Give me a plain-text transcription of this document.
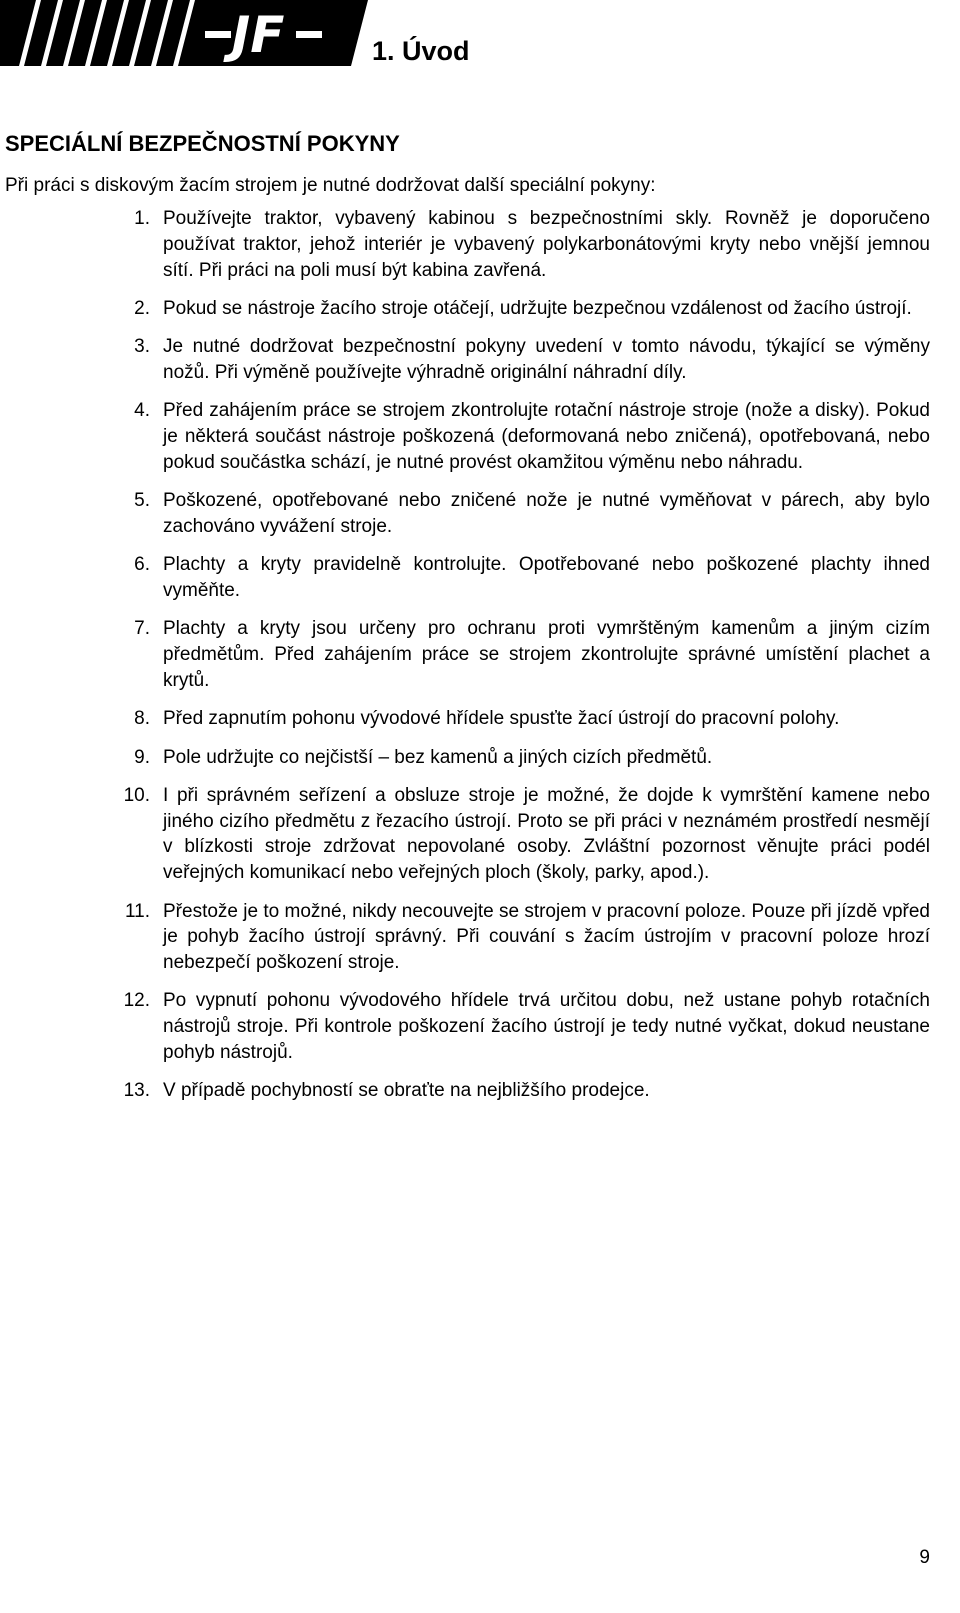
JF	1. Úvod
SPECIÁLNÍ BEZPEČNOSTNÍ POKYNY

Při práci s diskovým žacím strojem je nutné dodržovat další speciální pokyny:

1. Používejte traktor, vybavený kabinou s bezpečnostními skly. Rovněž je doporučeno používat traktor, jehož interiér je vybavený polykarbonátovými kryty nebo vnější jemnou sítí. Při práci na poli musí být kabina zavřená.
2. Pokud se nástroje žacího stroje otáčejí, udržujte bezpečnou vzdálenost od žacího ústrojí.
3. Je nutné dodržovat bezpečnostní pokyny uvedení v tomto návodu, týkající se výměny nožů. Při výměně používejte výhradně originální náhradní díly.
4. Před zahájením práce se strojem zkontrolujte rotační nástroje stroje (nože a disky). Pokud je některá součást nástroje poškozená (deformovaná nebo zničená), opotřebovaná, nebo pokud součástka schází, je nutné provést okamžitou výměnu nebo náhradu.
5. Poškozené, opotřebované nebo zničené nože je nutné vyměňovat v párech, aby bylo zachováno vyvážení stroje.
6. Plachty a kryty pravidelně kontrolujte. Opotřebované nebo poškozené plachty ihned vyměňte.
7. Plachty a kryty jsou určeny pro ochranu proti vymrštěným kamenům a jiným cizím předmětům. Před zahájením práce se strojem zkontrolujte správné umístění plachet a krytů.
8. Před zapnutím pohonu vývodové hřídele spusťte žací ústrojí do pracovní polohy.
9. Pole udržujte co nejčistší – bez kamenů a jiných cizích předmětů.
10. I při správném seřízení a obsluze stroje je možné, že dojde k vymrštění kamene nebo jiného cizího předmětu z řezacího ústrojí. Proto se při práci v neznámém prostředí nesmějí v blízkosti stroje zdržovat nepovolané osoby. Zvláštní pozornost věnujte práci podél veřejných komunikací nebo veřejných ploch (školy, parky, apod.).
11. Přestože je to možné, nikdy necouvejte se strojem v pracovní poloze. Pouze při jízdě vpřed je pohyb žacího ústrojí správný. Při couvání s žacím ústrojím v pracovní poloze hrozí nebezpečí poškození stroje.
12. Po vypnutí pohonu vývodového hřídele trvá určitou dobu, než ustane pohyb rotačních nástrojů stroje. Při kontrole poškození žacího ústrojí je tedy nutné vyčkat, dokud neustane pohyb nástrojů.
13. V případě pochybností se obraťte na nejbližšího prodejce.

9
